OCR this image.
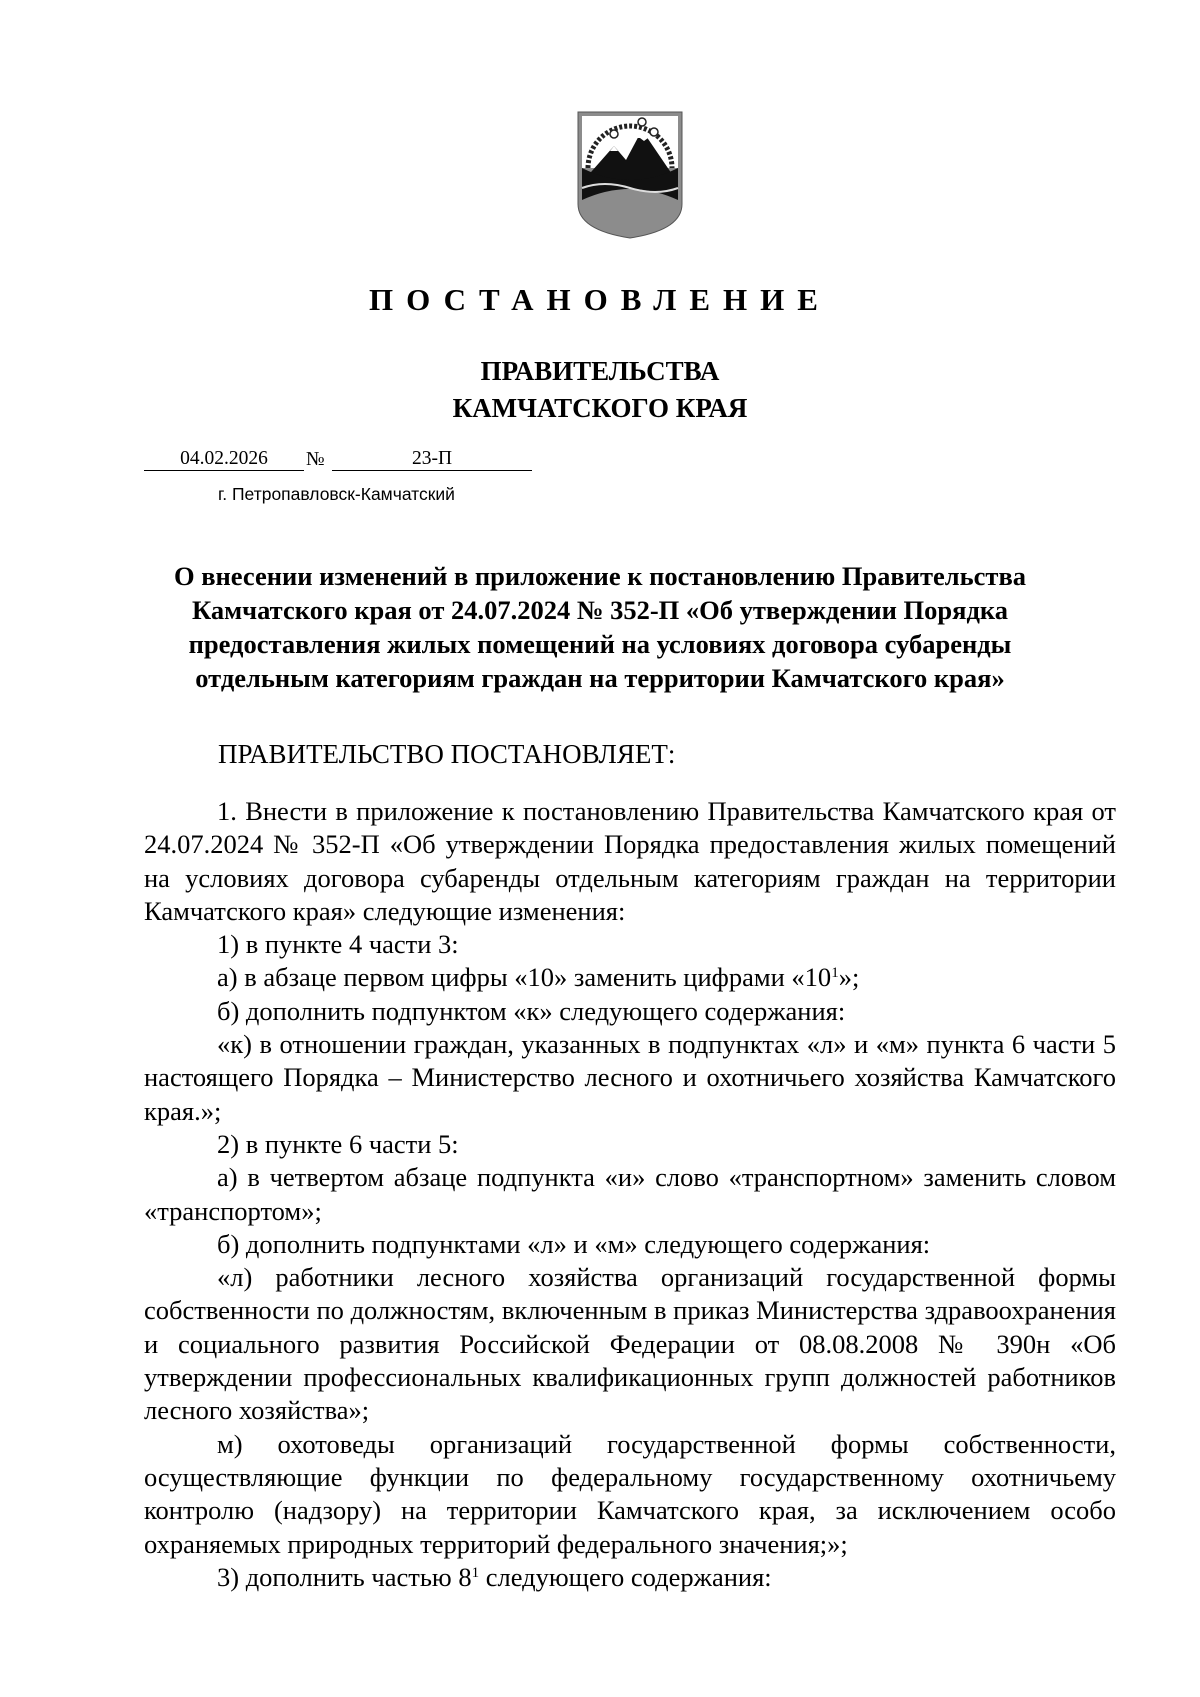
ПОСТАНОВЛЕНИЕ
ПРАВИТЕЛЬСТВА
КАМЧАТСКОГО КРАЯ
04.02.2026	№	23-П
г. Петропавловск-Камчатский
О внесении изменений в приложение к постановлению Правительства Камчатского края от 24.07.2024 № 352-П «Об утверждении Порядка предоставления жилых помещений на условиях договора субаренды отдельным категориям граждан на территории Камчатского края»
ПРАВИТЕЛЬСТВО ПОСТАНОВЛЯЕТ:

1. Внести в приложение к постановлению Правительства Камчатского края от 24.07.2024 № 352-П «Об утверждении Порядка предоставления жилых помещений на условиях договора субаренды отдельным категориям граждан на территории Камчатского края» следующие изменения:

1) в пункте 4 части 3:

а) в абзаце первом цифры «10» заменить цифрами «$10^1$»;

б) дополнить подпунктом «к» следующего содержания:

«к) в отношении граждан, указанных в подпунктах «л» и «м» пункта 6 части 5 настоящего Порядка – Министерство лесного и охотничьего хозяйства Камчатского края.»;

2) в пункте 6 части 5:

а) в четвертом абзаце подпункта «и» слово «транспортном» заменить словом «транспортом»;

б) дополнить подпунктами «л» и «м» следующего содержания:

«л) работники лесного хозяйства организаций государственной формы собственности по должностям, включенным в приказ Министерства здравоохранения и социального развития Российской Федерации от 08.08.2008 № 390н «Об утверждении профессиональных квалификационных групп должностей работников лесного хозяйства»;

м) охотоведы организаций государственной формы собственности, осуществляющие функции по федеральному государственному охотничьему контролю (надзору) на территории Камчатского края, за исключением особо охраняемых природных территорий федерального значения;»;

3) дополнить частью $8^1$ следующего содержания:
